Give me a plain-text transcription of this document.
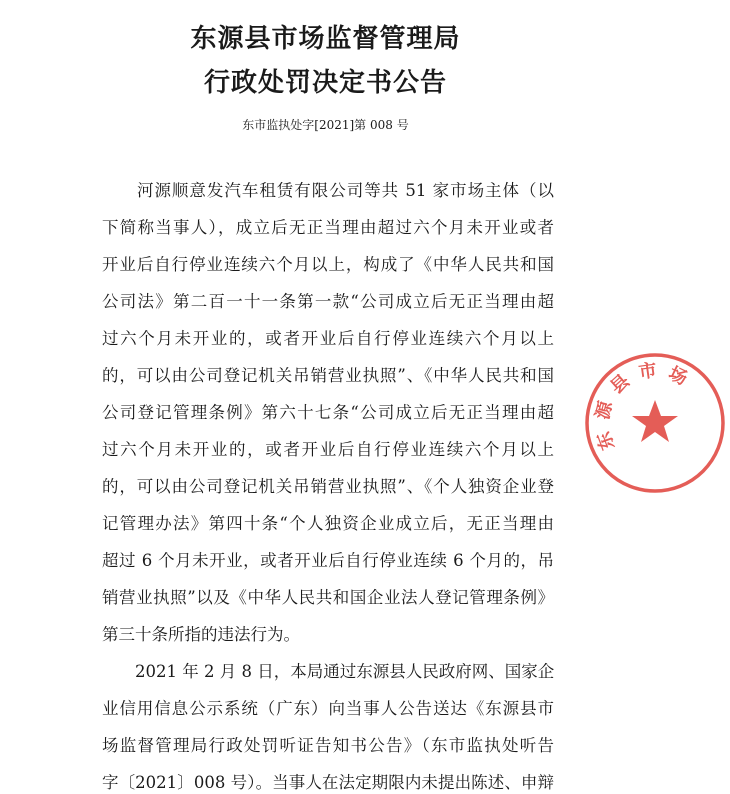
东源县市场监督管理局
行政处罚决定书公告
东市监执处字[2021]第 008 号
　　河源顺意发汽车租赁有限公司等共 51 家市场主体（以
下简称当事人），成立后无正当理由超过六个月未开业或者
开业后自行停业连续六个月以上，构成了《中华人民共和国
公司法》第二百一十一条第一款“公司成立后无正当理由超
过六个月未开业的，或者开业后自行停业连续六个月以上
的，可以由公司登记机关吊销营业执照”、《中华人民共和国
公司登记管理条例》第六十七条“公司成立后无正当理由超
过六个月未开业的，或者开业后自行停业连续六个月以上
的，可以由公司登记机关吊销营业执照”、《个人独资企业登
记管理办法》第四十条“个人独资企业成立后，无正当理由
超过 6 个月未开业，或者开业后自行停业连续 6 个月的，吊
销营业执照”以及《中华人民共和国企业法人登记管理条例》
第三十条所指的违法行为。
　　2021 年 2 月 8 日，本局通过东源县人民政府网、国家企
业信用信息公示系统（广东）向当事人公告送达《东源县市
场监督管理局行政处罚听证告知书公告》（东市监执处听告
字〔2021〕008 号）。当事人在法定期限内未提出陈述、申辩
东
源
县 市 场
